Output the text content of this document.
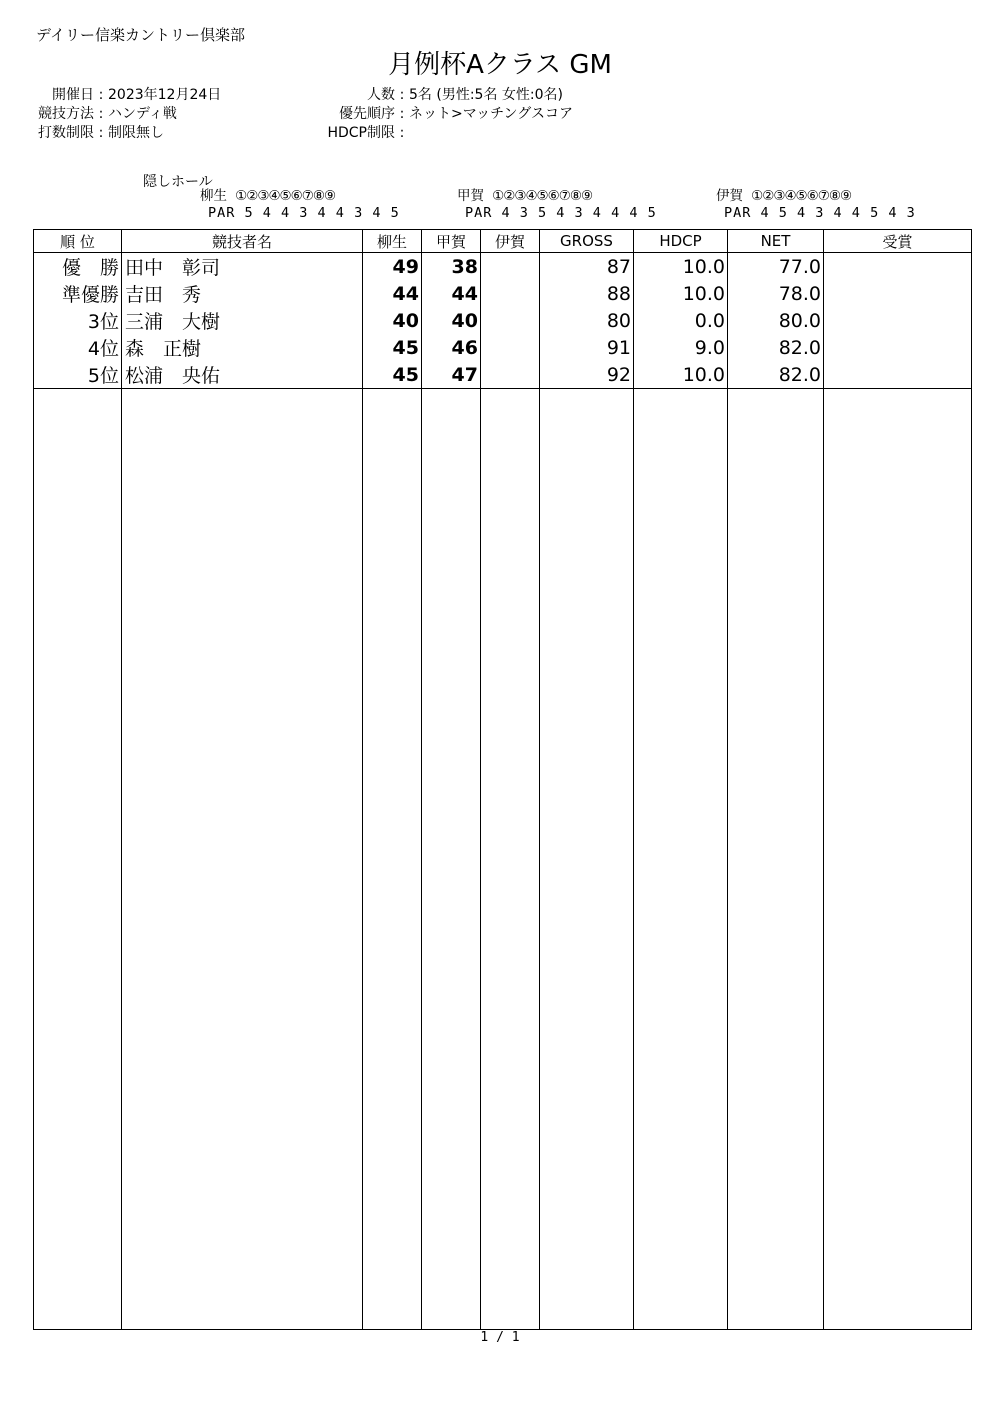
デイリー信楽カントリー倶楽部
月例杯Aクラス GM
開催日 : 2023年12月24日
競技方法 : ハンディ戦
打数制限 : 制限無し
人数 : 5名 (男性:5名 女性:0名)
優先順序 : ネット>マッチングスコア
HDCP制限 :
隠しホール
柳生 ①②③④⑤⑥⑦⑧⑨
PAR 5 4 4 3 4 4 3 4 5
甲賀 ①②③④⑤⑥⑦⑧⑨
PAR 4 3 5 4 3 4 4 4 5
伊賀 ①②③④⑤⑥⑦⑧⑨
PAR 4 5 4 3 4 4 5 4 3
順 位	競技者名	柳生	甲賀	伊賀	GROSS	HDCP	NET	受賞
優　勝	田中　彰司	49	38		87	10.0	77.0	
準優勝	吉田　秀	44	44		88	10.0	78.0	
3位	三浦　大樹	40	40		80	0.0	80.0	
4位	森　正樹	45	46		91	9.0	82.0	
5位	松浦　央佑	45	47		92	10.0	82.0	

1 / 1
